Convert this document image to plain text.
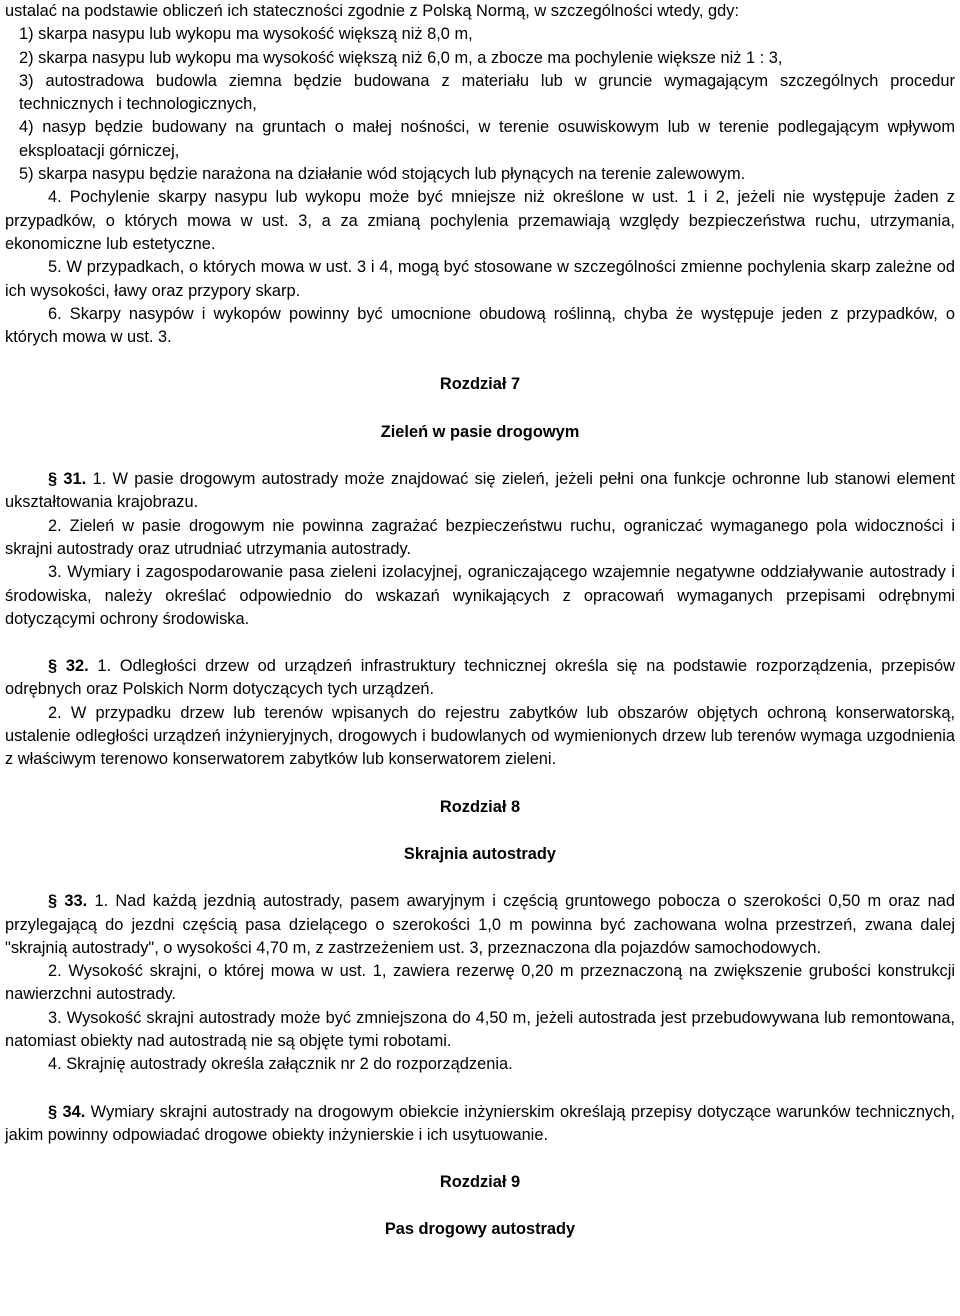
ustalać na podstawie obliczeń ich stateczności zgodnie z Polską Normą, w szczególności wtedy, gdy:

1) skarpa nasypu lub wykopu ma wysokość większą niż 8,0 m,

2) skarpa nasypu lub wykopu ma wysokość większą niż 6,0 m, a zbocze ma pochylenie większe niż 1 : 3,

3) autostradowa budowla ziemna będzie budowana z materiału lub w gruncie wymagającym szczególnych procedur technicznych i technologicznych,

4) nasyp będzie budowany na gruntach o małej nośności, w terenie osuwiskowym lub w terenie podlegającym wpływom eksploatacji górniczej,

5) skarpa nasypu będzie narażona na działanie wód stojących lub płynących na terenie zalewowym.

4. Pochylenie skarpy nasypu lub wykopu może być mniejsze niż określone w ust. 1 i 2, jeżeli nie występuje żaden z przypadków, o których mowa w ust. 3, a za zmianą pochylenia przemawiają względy bezpieczeństwa ruchu, utrzymania, ekonomiczne lub estetyczne.

5. W przypadkach, o których mowa w ust. 3 i 4, mogą być stosowane w szczególności zmienne pochylenia skarp zależne od ich wysokości, ławy oraz przypory skarp.

6. Skarpy nasypów i wykopów powinny być umocnione obudową roślinną, chyba że występuje jeden z przypadków, o których mowa w ust. 3.

Rozdział 7

Zieleń w pasie drogowym

§ 31. 1. W pasie drogowym autostrady może znajdować się zieleń, jeżeli pełni ona funkcje ochronne lub stanowi element ukształtowania krajobrazu.

2. Zieleń w pasie drogowym nie powinna zagrażać bezpieczeństwu ruchu, ograniczać wymaganego pola widoczności i skrajni autostrady oraz utrudniać utrzymania autostrady.

3. Wymiary i zagospodarowanie pasa zieleni izolacyjnej, ograniczającego wzajemnie negatywne oddziaływanie autostrady i środowiska, należy określać odpowiednio do wskazań wynikających z opracowań wymaganych przepisami odrębnymi dotyczącymi ochrony środowiska.

§ 32. 1. Odległości drzew od urządzeń infrastruktury technicznej określa się na podstawie rozporządzenia, przepisów odrębnych oraz Polskich Norm dotyczących tych urządzeń.

2. W przypadku drzew lub terenów wpisanych do rejestru zabytków lub obszarów objętych ochroną konserwatorską, ustalenie odległości urządzeń inżynieryjnych, drogowych i budowlanych od wymienionych drzew lub terenów wymaga uzgodnienia z właściwym terenowo konserwatorem zabytków lub konserwatorem zieleni.

Rozdział 8

Skrajnia autostrady

§ 33. 1. Nad każdą jezdnią autostrady, pasem awaryjnym i częścią gruntowego pobocza o szerokości 0,50 m oraz nad przylegającą do jezdni częścią pasa dzielącego o szerokości 1,0 m powinna być zachowana wolna przestrzeń, zwana dalej "skrajnią autostrady", o wysokości 4,70 m, z zastrzeżeniem ust. 3, przeznaczona dla pojazdów samochodowych.

2. Wysokość skrajni, o której mowa w ust. 1, zawiera rezerwę 0,20 m przeznaczoną na zwiększenie grubości konstrukcji nawierzchni autostrady.

3. Wysokość skrajni autostrady może być zmniejszona do 4,50 m, jeżeli autostrada jest przebudowywana lub remontowana, natomiast obiekty nad autostradą nie są objęte tymi robotami.

4. Skrajnię autostrady określa załącznik nr 2 do rozporządzenia.

§ 34. Wymiary skrajni autostrady na drogowym obiekcie inżynierskim określają przepisy dotyczące warunków technicznych, jakim powinny odpowiadać drogowe obiekty inżynierskie i ich usytuowanie.

Rozdział 9

Pas drogowy autostrady
